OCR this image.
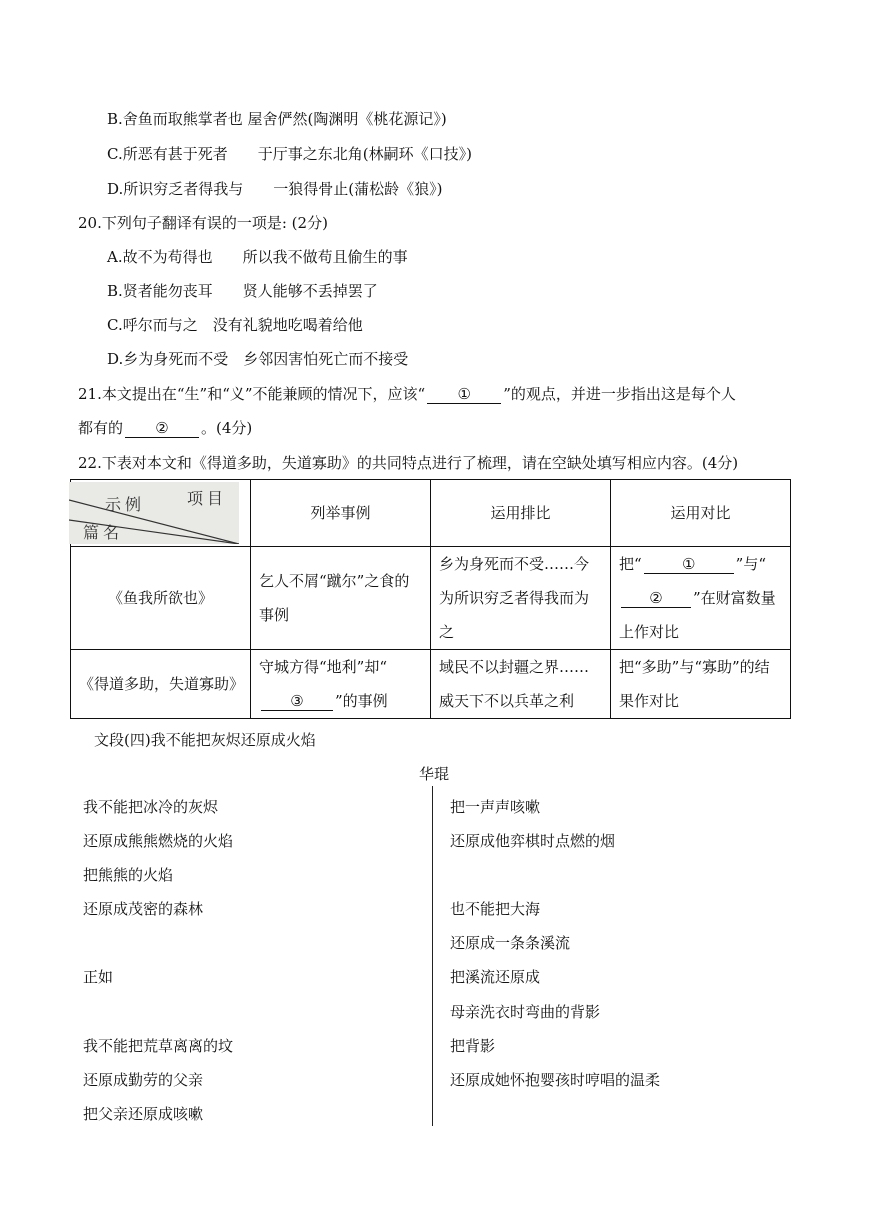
B.舍鱼而取熊掌者也 屋舍俨然(陶渊明《桃花源记》)
C.所恶有甚于死者　　于厅事之东北角(林嗣环《口技》)
D.所识穷乏者得我与　　一狼得骨止(蒲松龄《狼》)
20.下列句子翻译有误的一项是: (2分)
A.故不为苟得也　　所以我不做苟且偷生的事
B.贤者能勿丧耳　　贤人能够不丢掉罢了
C.呼尔而与之　没有礼貌地吃喝着给他
D.乡为身死而不受　乡邻因害怕死亡而不接受
21.本文提出在“生”和“义”不能兼顾的情况下，应该“ ① ”的观点，并进一步指出这是每个人
都有的 ② 。(4分)
22.下表对本文和《得道多助，失道寡助》的共同特点进行了梳理，请在空缺处填写相应内容。(4分)
示例 项目
篇名	列举事例	运用排比	运用对比
《鱼我所欲也》	乞人不屑“蹴尔”之食的事例	乡为身死而不受……今为所识穷乏者得我而为之	把“ ① ”与“② ”在财富数量上作对比
《得道多助，失道寡助》	守城方得“地利”却“③ ”的事例	域民不以封疆之界……威天下不以兵革之利	把“多助”与“寡助”的结果作对比
文段(四)我不能把灰烬还原成火焰
华琨
我不能把冰冷的灰烬
还原成熊熊燃烧的火焰
把熊熊的火焰
还原成茂密的森林
正如
我不能把荒草离离的坟
还原成勤劳的父亲
把父亲还原成咳嗽
把一声声咳嗽
还原成他弈棋时点燃的烟
也不能把大海
还原成一条条溪流
把溪流还原成
母亲洗衣时弯曲的背影
把背影
还原成她怀抱婴孩时哼唱的温柔
